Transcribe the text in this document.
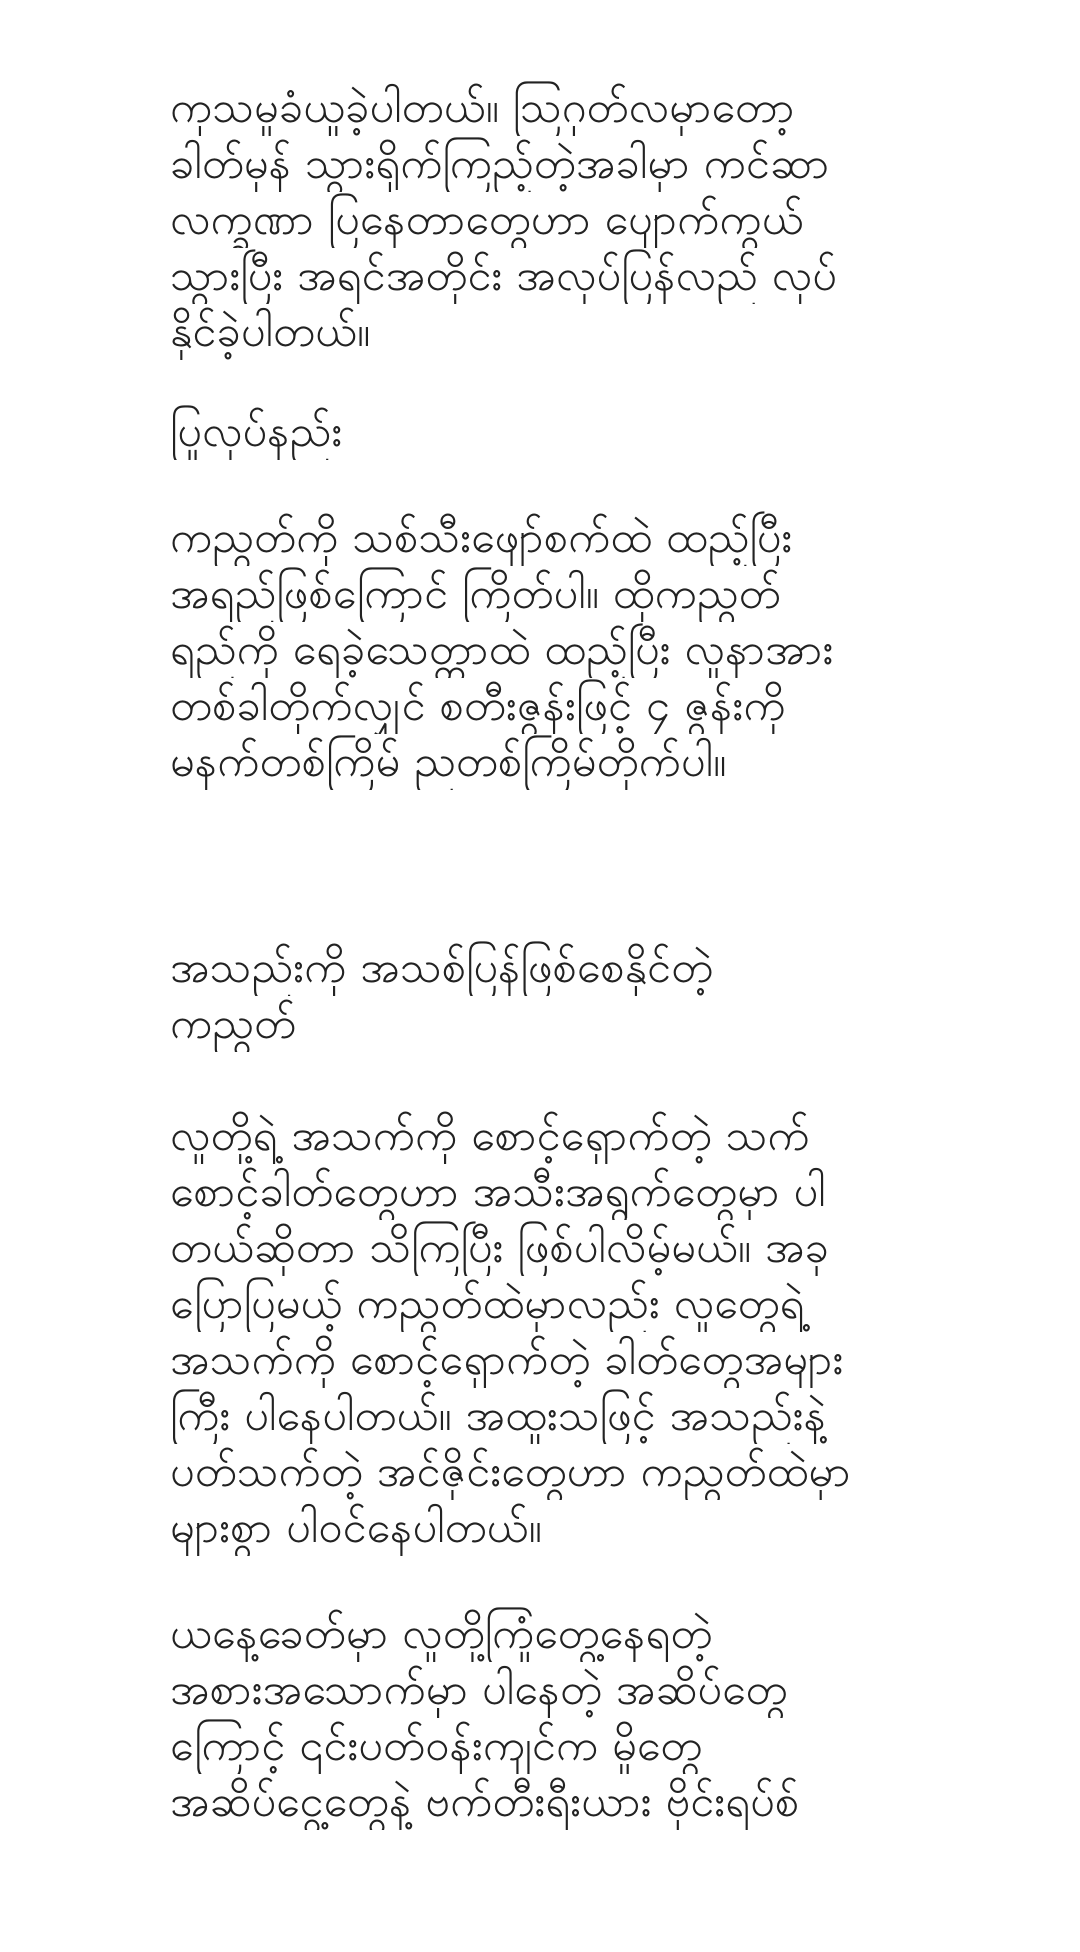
ကုသမှုခံယူခဲ့ပါတယ်။ ဩဂုတ်လမှာတော့
ခါတ်မှန် သွားရိုက်ကြည့်တဲ့အခါမှာ ကင်ဆာ
လက္ခဏာ ပြနေတာတွေဟာ ပျောက်ကွယ်
သွားပြီး အရင်အတိုင်း အလုပ်ပြန်လည် လုပ်
နိုင်ခဲ့ပါတယ်။
ပြုလုပ်နည်း
ကညွတ်ကို သစ်သီးဖျော်စက်ထဲ ထည့်ပြီး
အရည်ဖြစ်ကြောင် ကြိတ်ပါ။ ထိုကညွတ်
ရည်ကို ရေခဲ့သေတ္တာထဲ ထည့်ပြီး လူနာအား
တစ်ခါတိုက်လျှင် စတီးဇွန်းဖြင့် ၄ ဇွန်းကို
မနက်တစ်ကြိမ် ညတစ်ကြိမ်တိုက်ပါ။
အသည်းကို အသစ်ပြန်ဖြစ်စေနိုင်တဲ့
ကညွတ်
လူတို့ရဲ့ အသက်ကို စောင့်ရှောက်တဲ့ သက်
စောင့်ခါတ်တွေဟာ အသီးအရွက်တွေမှာ ပါ
တယ်ဆိုတာ သိကြပြီး ဖြစ်ပါလိမ့်မယ်။ အခု
ပြောပြမယ့် ကညွတ်ထဲမှာလည်း လူတွေရဲ့
အသက်ကို စောင့်ရှောက်တဲ့ ခါတ်တွေအများ
ကြီး ပါနေပါတယ်။ အထူးသဖြင့် အသည်းနဲ့
ပတ်သက်တဲ့ အင်ဇိုင်းတွေဟာ ကညွတ်ထဲမှာ
များစွာ ပါဝင်နေပါတယ်။
ယနေ့ခေတ်မှာ လူတို့ကြုံတွေ့နေရတဲ့
အစားအသောက်မှာ ပါနေတဲ့ အဆိပ်တွေ
ကြောင့် ၎င်းပတ်ဝန်းကျင်က မှိုတွေ
အဆိပ်ငွေ့တွေနဲ့ ဗက်တီးရီးယား ဗိုင်းရပ်စ်
